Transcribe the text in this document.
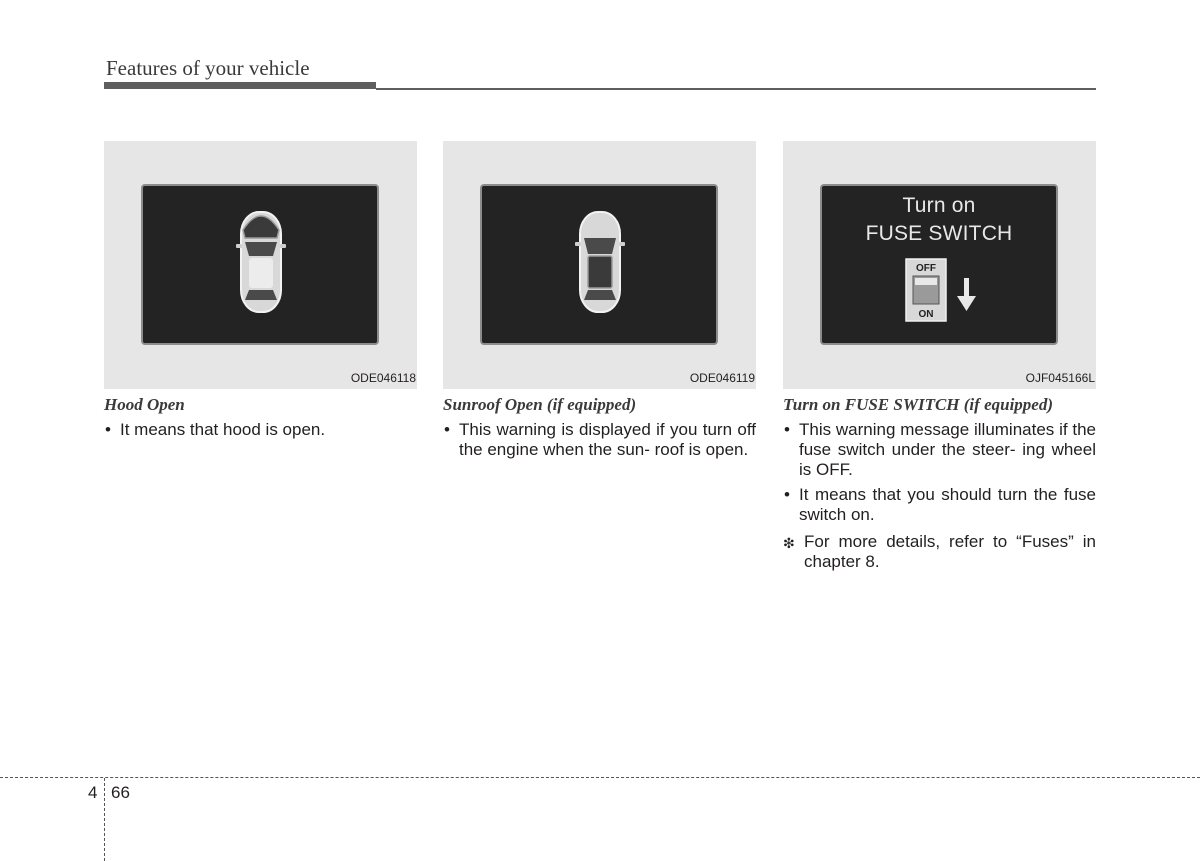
Features of your vehicle
ODE046118
Hood Open
• It means that hood is open.
ODE046119
Sunroof Open (if equipped)
• This warning is displayed if you turn off the engine when the sun- roof is open.
Turn on
FUSE SWITCH
OFF
ON
OJF045166L
Turn on FUSE SWITCH (if equipped)
• This warning message illuminates if the fuse switch under the steer- ing wheel is OFF.
• It means that you should turn the fuse switch on.
❇ For more details, refer to “Fuses” in chapter 8.
4 66
